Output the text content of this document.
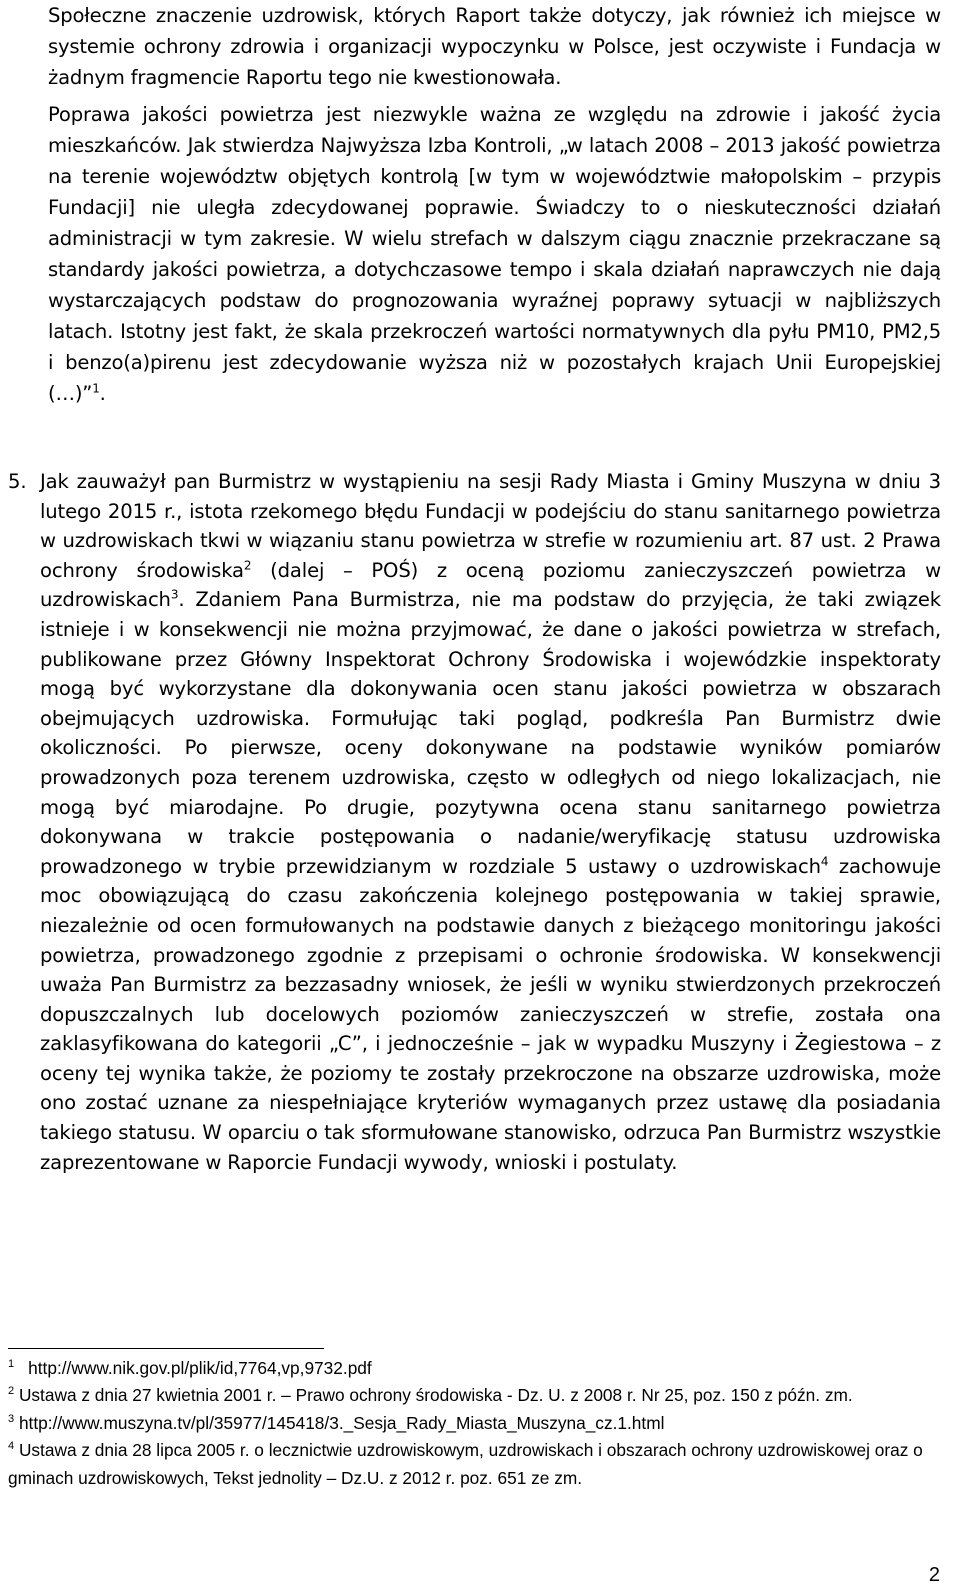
Społeczne znaczenie uzdrowisk, których Raport także dotyczy, jak również ich miejsce w systemie ochrony zdrowia i organizacji wypoczynku w Polsce, jest oczywiste i Fundacja w żadnym fragmencie Raportu tego nie kwestionowała.

Poprawa jakości powietrza jest niezwykle ważna ze względu na zdrowie i jakość życia mieszkańców. Jak stwierdza Najwyższa Izba Kontroli, „w latach 2008 – 2013 jakość powietrza na terenie województw objętych kontrolą [w tym w województwie małopolskim – przypis Fundacji] nie uległa zdecydowanej poprawie. Świadczy to o nieskuteczności działań administracji w tym zakresie. W wielu strefach w dalszym ciągu znacznie przekraczane są standardy jakości powietrza, a dotychczasowe tempo i skala działań naprawczych nie dają wystarczających podstaw do prognozowania wyraźnej poprawy sytuacji w najbliższych latach. Istotny jest fakt, że skala przekroczeń wartości normatywnych dla pyłu PM10, PM2,5 i benzo(a)pirenu jest zdecydowanie wyższa niż w pozostałych krajach Unii Europejskiej (…)”$^1$.

5. Jak zauważył pan Burmistrz w wystąpieniu na sesji Rady Miasta i Gminy Muszyna w dniu 3 lutego 2015 r., istota rzekomego błędu Fundacji w podejściu do stanu sanitarnego powietrza w uzdrowiskach tkwi w wiązaniu stanu powietrza w strefie w rozumieniu art. 87 ust. 2 Prawa ochrony środowiska$^2$ (dalej – POŚ) z oceną poziomu zanieczyszczeń powietrza w uzdrowiskach$^3$. Zdaniem Pana Burmistrza, nie ma podstaw do przyjęcia, że taki związek istnieje i w konsekwencji nie można przyjmować, że dane o jakości powietrza w strefach, publikowane przez Główny Inspektorat Ochrony Środowiska i wojewódzkie inspektoraty mogą być wykorzystane dla dokonywania ocen stanu jakości powietrza w obszarach obejmujących uzdrowiska. Formułując taki pogląd, podkreśla Pan Burmistrz dwie okoliczności. Po pierwsze, oceny dokonywane na podstawie wyników pomiarów prowadzonych poza terenem uzdrowiska, często w odległych od niego lokalizacjach, nie mogą być miarodajne. Po drugie, pozytywna ocena stanu sanitarnego powietrza dokonywana w trakcie postępowania o nadanie/weryfikację statusu uzdrowiska prowadzonego w trybie przewidzianym w rozdziale 5 ustawy o uzdrowiskach$^4$ zachowuje moc obowiązującą do czasu zakończenia kolejnego postępowania w takiej sprawie, niezależnie od ocen formułowanych na podstawie danych z bieżącego monitoringu jakości powietrza, prowadzonego zgodnie z przepisami o ochronie środowiska. W konsekwencji uważa Pan Burmistrz za bezzasadny wniosek, że jeśli w wyniku stwierdzonych przekroczeń dopuszczalnych lub docelowych poziomów zanieczyszczeń w strefie, została ona zaklasyfikowana do kategorii „C”, i jednocześnie – jak w wypadku Muszyny i Żegiestowa – z oceny tej wynika także, że poziomy te zostały przekroczone na obszarze uzdrowiska, może ono zostać uznane za niespełniające kryteriów wymaganych przez ustawę dla posiadania takiego statusu. W oparciu o tak sformułowane stanowisko, odrzuca Pan Burmistrz wszystkie zaprezentowane w Raporcie Fundacji wywody, wnioski i postulaty.

$^1$ http://www.nik.gov.pl/plik/id,7764,vp,9732.pdf

$^2$ Ustawa z dnia 27 kwietnia 2001 r. – Prawo ochrony środowiska - Dz. U. z 2008 r. Nr 25, poz. 150 z późn. zm.

$^3$ http://www.muszyna.tv/pl/35977/145418/3._Sesja_Rady_Miasta_Muszyna_cz.1.html

$^4$ Ustawa z dnia 28 lipca 2005 r. o lecznictwie uzdrowiskowym, uzdrowiskach i obszarach ochrony uzdrowiskowej oraz o gminach uzdrowiskowych, Tekst jednolity – Dz.U. z 2012 r. poz. 651 ze zm.

2
